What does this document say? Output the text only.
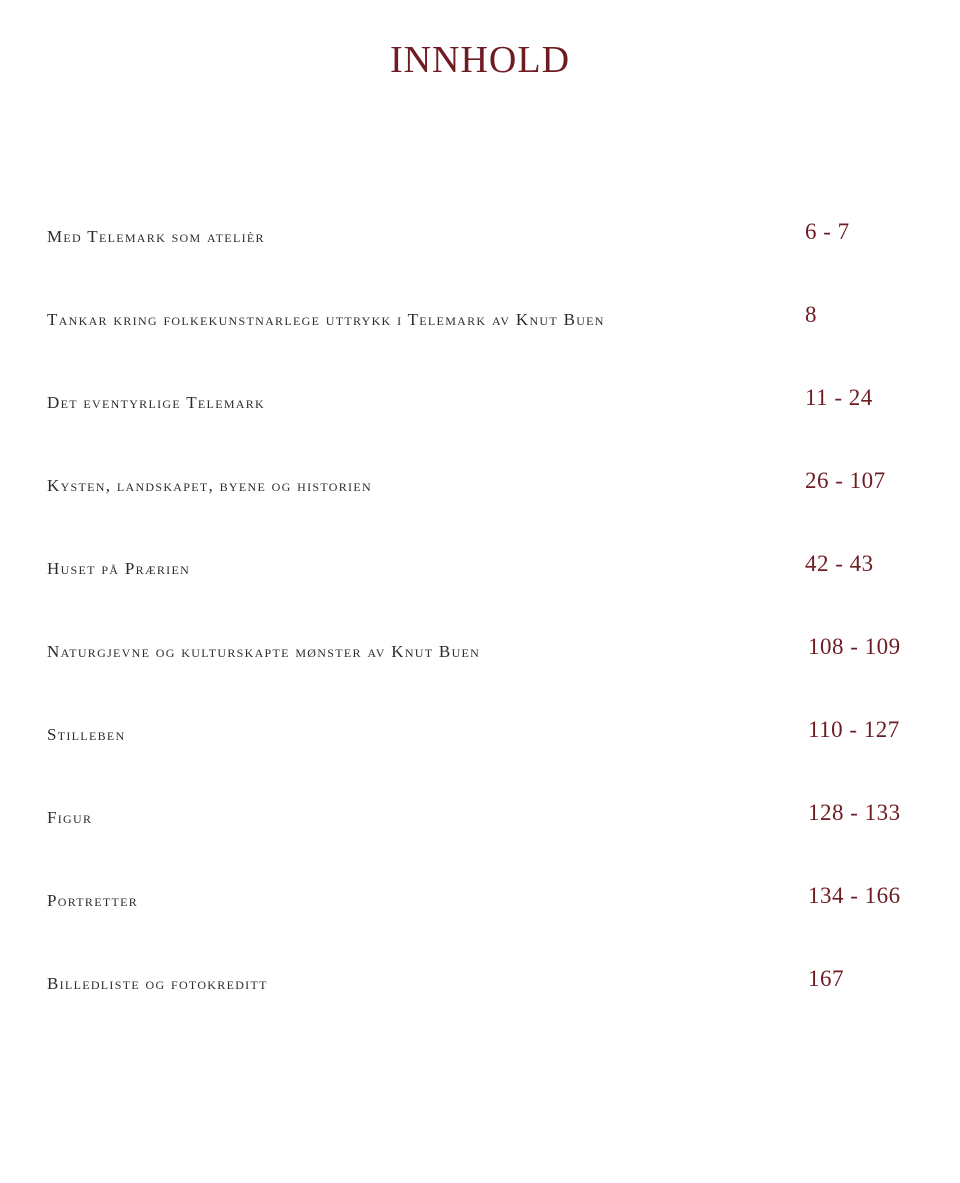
INNHOLD
Med Telemark som atelièr	6 - 7
Tankar kring folkekunstnarlege uttrykk i Telemark av Knut Buen	8
Det eventyrlige Telemark	11 - 24
Kysten, landskapet, byene og historien	26 - 107
Huset på Prærien	42 - 43
Naturgjevne og kulturskapte mønster av Knut Buen	108 - 109
Stilleben	110 - 127
Figur	128 - 133
Portretter	134 - 166
Billedliste og fotokreditt	167
